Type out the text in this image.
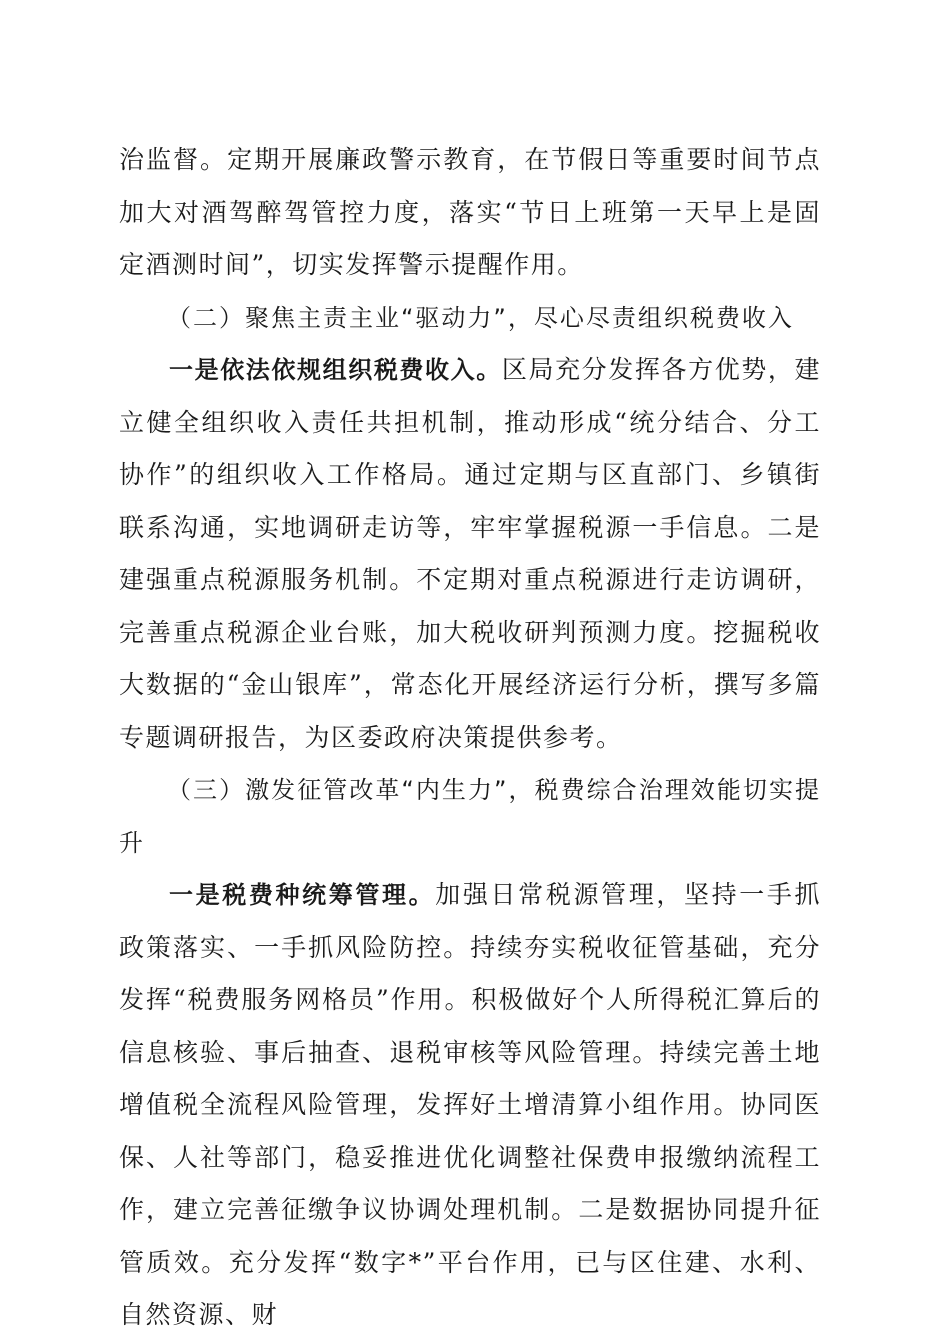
治监督。定期开展廉政警示教育，在节假日等重要时间节点加大对酒驾醉驾管控力度，落实“节日上班第一天早上是固定酒测时间”，切实发挥警示提醒作用。

（二）聚焦主责主业“驱动力”，尽心尽责组织税费收入

一是依法依规组织税费收入。区局充分发挥各方优势，建立健全组织收入责任共担机制，推动形成“统分结合、分工协作”的组织收入工作格局。通过定期与区直部门、乡镇街联系沟通，实地调研走访等，牢牢掌握税源一手信息。二是建强重点税源服务机制。不定期对重点税源进行走访调研，完善重点税源企业台账，加大税收研判预测力度。挖掘税收大数据的“金山银库”，常态化开展经济运行分析，撰写多篇专题调研报告，为区委政府决策提供参考。

（三）激发征管改革“内生力”，税费综合治理效能切实提升

一是税费种统筹管理。加强日常税源管理，坚持一手抓政策落实、一手抓风险防控。持续夯实税收征管基础，充分发挥“税费服务网格员”作用。积极做好个人所得税汇算后的信息核验、事后抽查、退税审核等风险管理。持续完善土地增值税全流程风险管理，发挥好土增清算小组作用。协同医保、人社等部门，稳妥推进优化调整社保费申报缴纳流程工作，建立完善征缴争议协调处理机制。二是数据协同提升征管质效。充分发挥“数字*”平台作用，已与区住建、水利、自然资源、财
